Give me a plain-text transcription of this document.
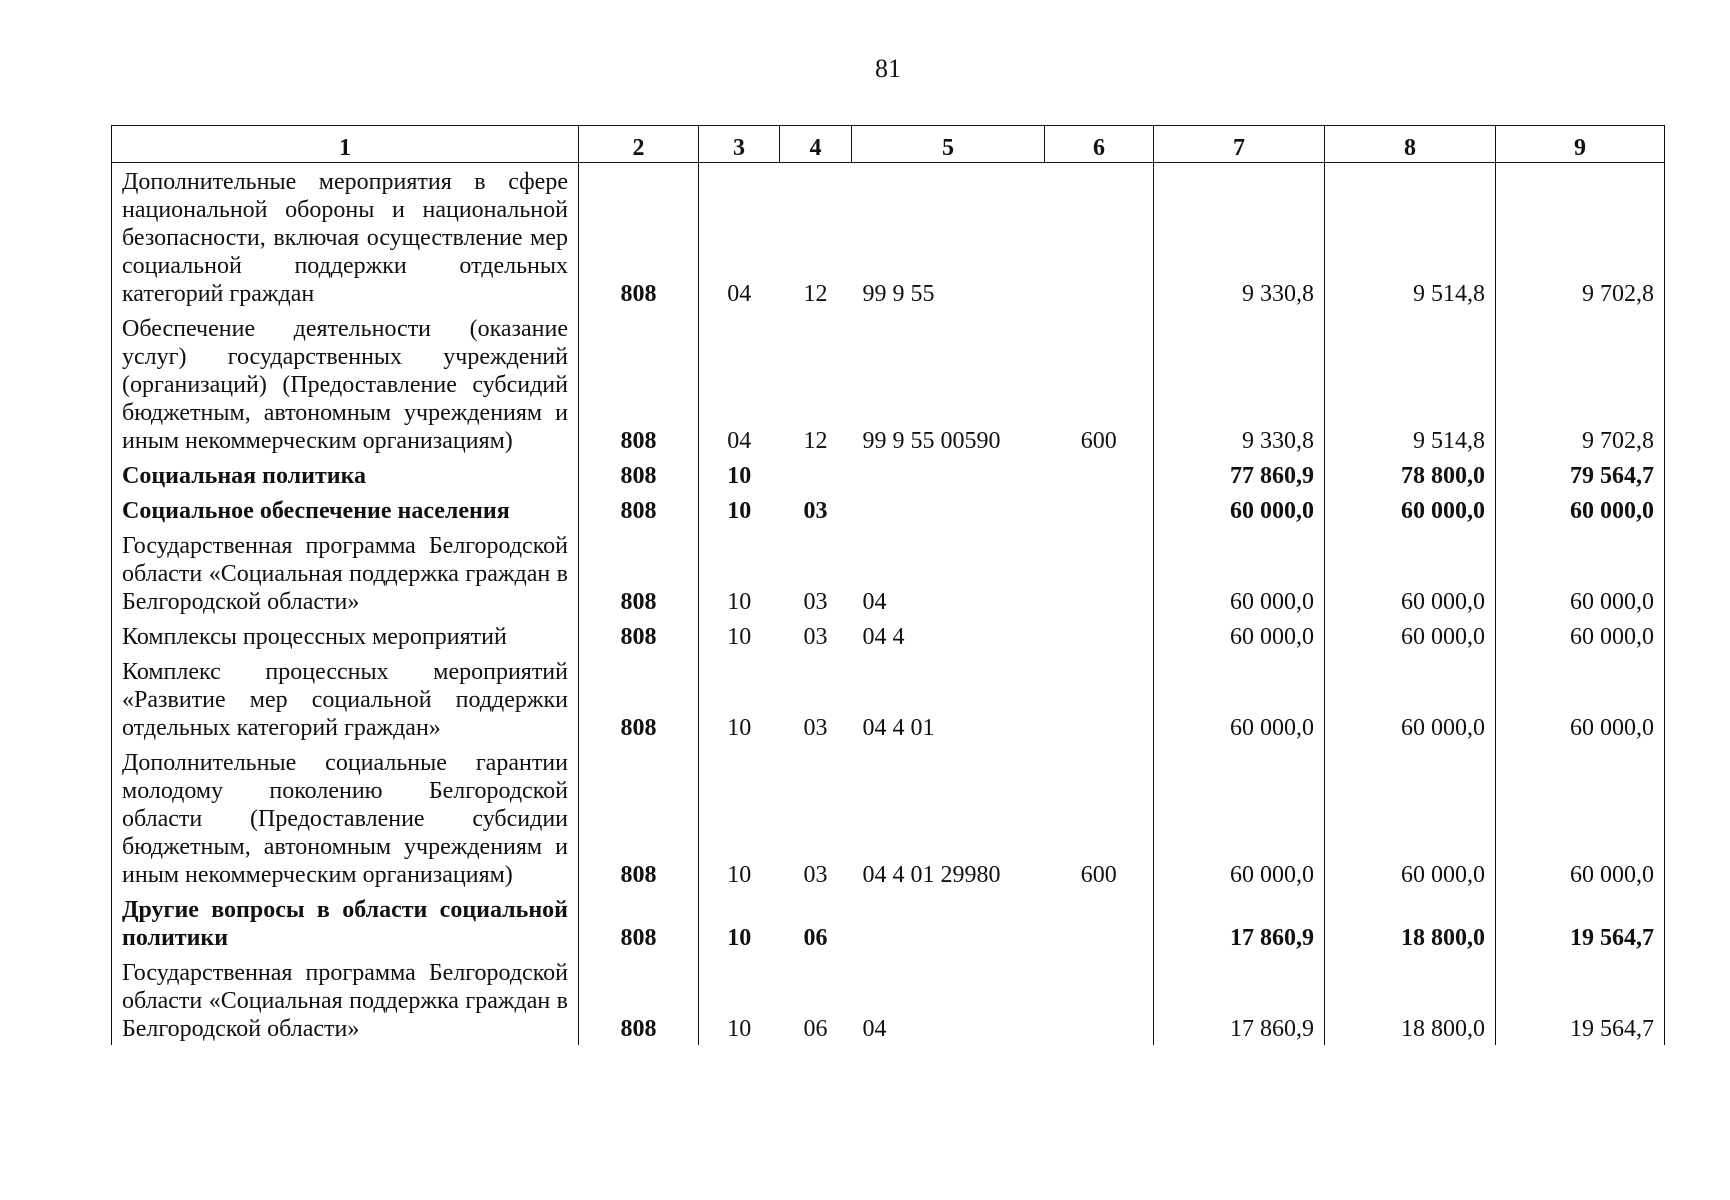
81
1	2	3	4	5	6	7	8	9
Дополнительные мероприятия в сфере национальной обороны и национальной безопасности, включая осуществление мер социальной поддержки отдельных категорий граждан	808	04	12	99 9 55		9 330,8	9 514,8	9 702,8
Обеспечение деятельности (оказание услуг) государственных учреждений (организаций) (Предоставление субсидий бюджетным, автономным учреждениям и иным некоммерческим организациям)	808	04	12	99 9 55 00590	600	9 330,8	9 514,8	9 702,8
Социальная политика	808	10				77 860,9	78 800,0	79 564,7
Социальное обеспечение населения	808	10	03			60 000,0	60 000,0	60 000,0
Государственная программа Белгородской области «Социальная поддержка граждан в Белгородской области»	808	10	03	04		60 000,0	60 000,0	60 000,0
Комплексы процессных мероприятий	808	10	03	04 4		60 000,0	60 000,0	60 000,0
Комплекс процессных мероприятий «Развитие мер социальной поддержки отдельных категорий граждан»	808	10	03	04 4 01		60 000,0	60 000,0	60 000,0
Дополнительные социальные гарантии молодому поколению Белгородской области (Предоставление субсидии бюджетным, автономным учреждениям и иным некоммерческим организациям)	808	10	03	04 4 01 29980	600	60 000,0	60 000,0	60 000,0
Другие вопросы в области социальной политики	808	10	06			17 860,9	18 800,0	19 564,7
Государственная программа Белгородской области «Социальная поддержка граждан в Белгородской области»	808	10	06	04		17 860,9	18 800,0	19 564,7
